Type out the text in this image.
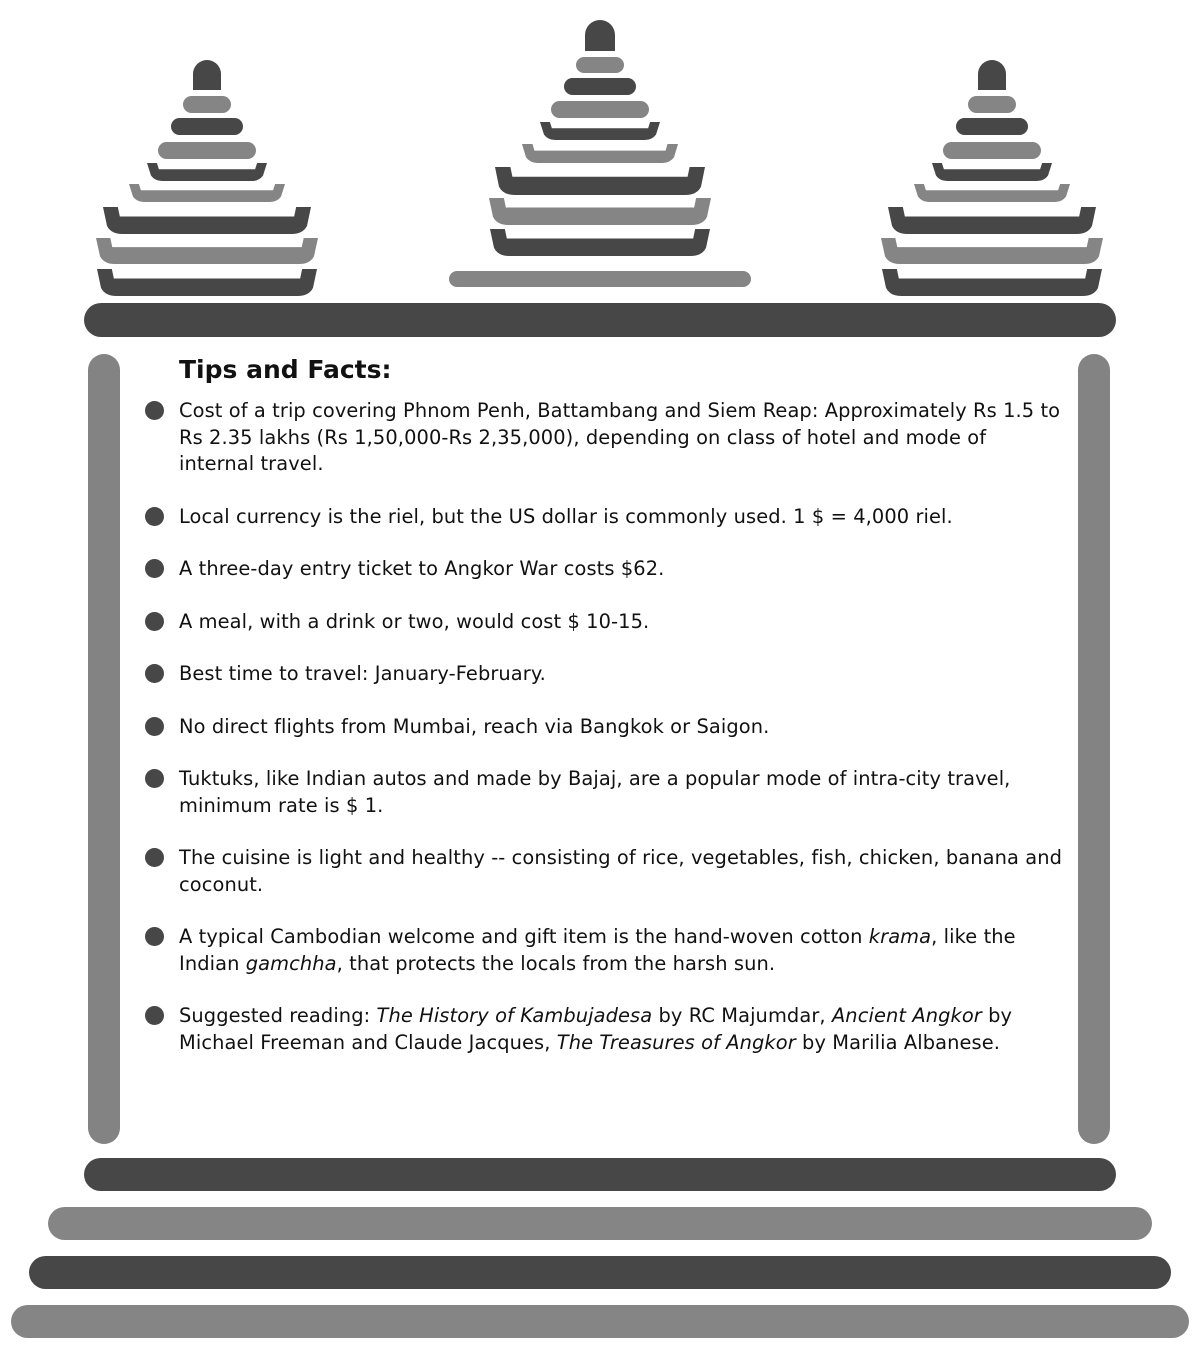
Tips and Facts:
Cost of a trip covering Phnom Penh, Battambang and Siem Reap: Approximately Rs 1.5 to Rs 2.35 lakhs (Rs 1,50,000-Rs 2,35,000), depending on class of hotel and mode of internal travel.
Local currency is the riel, but the US dollar is commonly used. 1 $ = 4,000 riel.
A three-day entry ticket to Angkor War costs $62.
A meal, with a drink or two, would cost $ 10-15.
Best time to travel: January-February.
No direct flights from Mumbai, reach via Bangkok or Saigon.
Tuktuks, like Indian autos and made by Bajaj, are a popular mode of intra-city travel, minimum rate is $ 1.
The cuisine is light and healthy -- consisting of rice, vegetables, fish, chicken, banana and coconut.
A typical Cambodian welcome and gift item is the hand-woven cotton krama, like the Indian gamchha, that protects the locals from the harsh sun.
Suggested reading: The History of Kambujadesa by RC Majumdar, Ancient Angkor by Michael Freeman and Claude Jacques, The Treasures of Angkor by Marilia Albanese.
